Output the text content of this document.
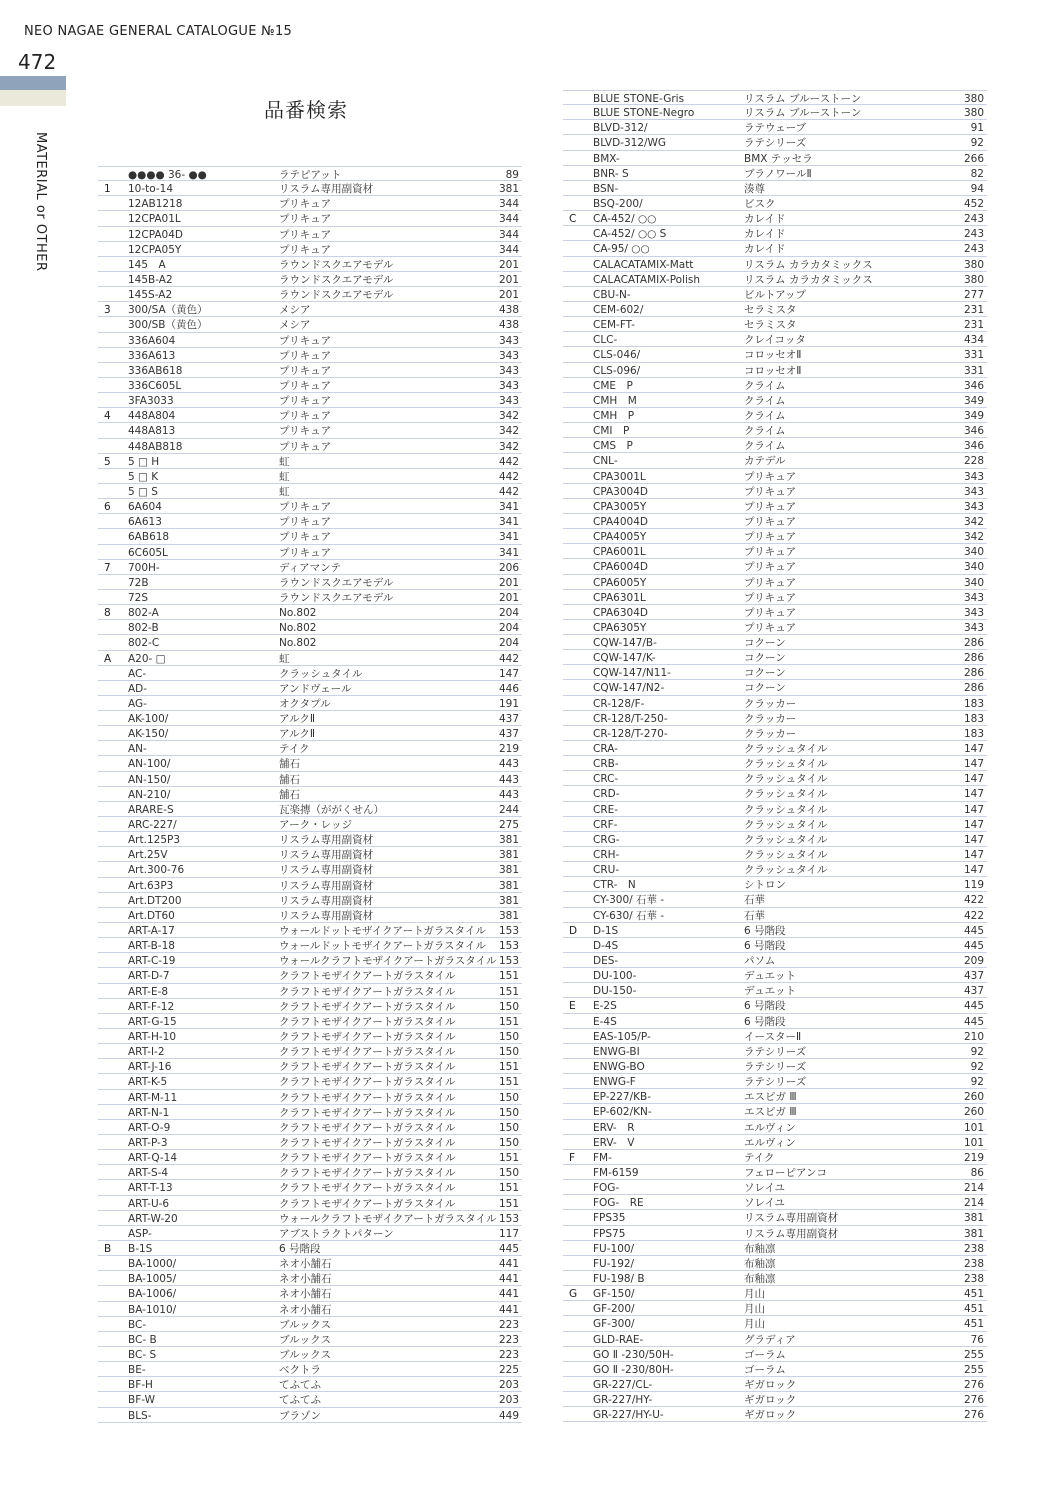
NEO NAGAE GENERAL CATALOGUE №15
472
MATERIAL or OTHER
品番検索
●●●● 36- ●●	ラテピアット	89
1 10-to-14	リスラム専用副資材	381
12AB1218	プリキュア	344
12CPA01L	プリキュア	344
12CPA04D	プリキュア	344
12CPA05Y	プリキュア	344
145　A	ラウンドスクエアモデル	201
145B-A2	ラウンドスクエアモデル	201
145S-A2	ラウンドスクエアモデル	201
3 300/SA（黄色）	メシア	438
300/SB（黄色）	メシア	438
336A604	プリキュア	343
336A613	プリキュア	343
336AB618	プリキュア	343
336C605L	プリキュア	343
3FA3033	プリキュア	343
4 448A804	プリキュア	342
448A813	プリキュア	342
448AB818	プリキュア	342
5 5 □ H	虹	442
5 □ K	虹	442
5 □ S	虹	442
6 6A604	プリキュア	341
6A613	プリキュア	341
6AB618	プリキュア	341
6C605L	プリキュア	341
7 700H-	ディアマンテ	206
72B	ラウンドスクエアモデル	201
72S	ラウンドスクエアモデル	201
8 802-A	No.802	204
802-B	No.802	204
802-C	No.802	204
A A20- □	虹	442
AC-	クラッシュタイル	147
AD-	アンドヴェール	446
AG-	オクタプル	191
AK-100/	アルクⅡ	437
AK-150/	アルクⅡ	437
AN-	テイク	219
AN-100/	舗石	443
AN-150/	舗石	443
AN-210/	舗石	443
ARARE-S	瓦楽摶（ががくせん）	244
ARC-227/	アーク・レッジ	275
Art.125P3	リスラム専用副資材	381
Art.25V	リスラム専用副資材	381
Art.300-76	リスラム専用副資材	381
Art.63P3	リスラム専用副資材	381
Art.DT200	リスラム専用副資材	381
Art.DT60	リスラム専用副資材	381
ART-A-17	ウォールドットモザイクアートガラスタイル 153
ART-B-18	ウォールドットモザイクアートガラスタイル 153
ART-C-19	ウォールクラフトモザイクアートガラスタイル 153
ART-D-7	クラフトモザイクアートガラスタイル	151
ART-E-8	クラフトモザイクアートガラスタイル	151
ART-F-12	クラフトモザイクアートガラスタイル	150
ART-G-15	クラフトモザイクアートガラスタイル	151
ART-H-10	クラフトモザイクアートガラスタイル	150
ART-I-2	クラフトモザイクアートガラスタイル	150
ART-J-16	クラフトモザイクアートガラスタイル	151
ART-K-5	クラフトモザイクアートガラスタイル	151
ART-M-11	クラフトモザイクアートガラスタイル	150
ART-N-1	クラフトモザイクアートガラスタイル	150
ART-O-9	クラフトモザイクアートガラスタイル	150
ART-P-3	クラフトモザイクアートガラスタイル	150
ART-Q-14	クラフトモザイクアートガラスタイル	151
ART-S-4	クラフトモザイクアートガラスタイル	150
ART-T-13	クラフトモザイクアートガラスタイル	151
ART-U-6	クラフトモザイクアートガラスタイル	151
ART-W-20	ウォールクラフトモザイクアートガラスタイル 153
ASP-	アブストラクトパターン	117
B B-1S	6 号階段	445
BA-1000/	ネオ小舗石	441
BA-1005/	ネオ小舗石	441
BA-1006/	ネオ小舗石	441
BA-1010/	ネオ小舗石	441
BC-	ブルックス	223
BC- B	ブルックス	223
BC- S	ブルックス	223
BE-	ベクトラ	225
BF-H	てふてふ	203
BF-W	てふてふ	203
BLS-	ブラゾン	449
BLUE STONE-Gris	リスラム ブルーストーン	380
BLUE STONE-Negro	リスラム ブルーストーン	380
BLVD-312/	ラテウェーブ	91
BLVD-312/WG	ラテシリーズ	92
BMX-	BMX テッセラ	266
BNR- S	ブラノワールⅡ	82
BSN-	湊尊	94
BSQ-200/	ビスク	452
C CA-452/ ○○	カレイド	243
CA-452/ ○○ S	カレイド	243
CA-95/ ○○	カレイド	243
CALACATAMIX-Matt	リスラム カラカタミックス	380
CALACATAMIX-Polish	リスラム カラカタミックス	380
CBU-N-	ビルトアップ	277
CEM-602/	セラミスタ	231
CEM-FT-	セラミスタ	231
CLC-	クレイコッタ	434
CLS-046/	コロッセオⅡ	331
CLS-096/	コロッセオⅡ	331
CME　P	クライム	346
CMH　M	クライム	349
CMH　P	クライム	349
CMI　P	クライム	346
CMS　P	クライム	346
CNL-	カテデル	228
CPA3001L	プリキュア	343
CPA3004D	プリキュア	343
CPA3005Y	プリキュア	343
CPA4004D	プリキュア	342
CPA4005Y	プリキュア	342
CPA6001L	プリキュア	340
CPA6004D	プリキュア	340
CPA6005Y	プリキュア	340
CPA6301L	プリキュア	343
CPA6304D	プリキュア	343
CPA6305Y	プリキュア	343
CQW-147/B-	コクーン	286
CQW-147/K-	コクーン	286
CQW-147/N11-	コクーン	286
CQW-147/N2-	コクーン	286
CR-128/F-	クラッカー	183
CR-128/T-250-	クラッカー	183
CR-128/T-270-	クラッカー	183
CRA-	クラッシュタイル	147
CRB-	クラッシュタイル	147
CRC-	クラッシュタイル	147
CRD-	クラッシュタイル	147
CRE-	クラッシュタイル	147
CRF-	クラッシュタイル	147
CRG-	クラッシュタイル	147
CRH-	クラッシュタイル	147
CRU-	クラッシュタイル	147
CTR-　N	シトロン	119
CY-300/ 石華 -	石華	422
CY-630/ 石華 -	石華	422
D D-1S	6 号階段	445
D-4S	6 号階段	445
DES-	パソム	209
DU-100-	デュエット	437
DU-150-	デュエット	437
E E-2S	6 号階段	445
E-4S	6 号階段	445
EAS-105/P-	イースターⅡ	210
ENWG-BI	ラテシリーズ	92
ENWG-BO	ラテシリーズ	92
ENWG-F	ラテシリーズ	92
EP-227/KB-	エスピガ Ⅲ	260
EP-602/KN-	エスピガ Ⅲ	260
ERV-　R	エルヴィン	101
ERV-　V	エルヴィン	101
F FM-	テイク	219
FM-6159	フェローピアンコ	86
FOG-	ソレイユ	214
FOG-　RE	ソレイユ	214
FPS35	リスラム専用副資材	381
FPS75	リスラム専用副資材	381
FU-100/	布釉凛	238
FU-192/	布釉凛	238
FU-198/ B	布釉凛	238
G GF-150/	月山	451
GF-200/	月山	451
GF-300/	月山	451
GLD-RAE-	グラディア	76
GO Ⅱ -230/50H-	ゴーラム	255
GO Ⅱ -230/80H-	ゴーラム	255
GR-227/CL-	ギガロック	276
GR-227/HY-	ギガロック	276
GR-227/HY-U-	ギガロック	276
